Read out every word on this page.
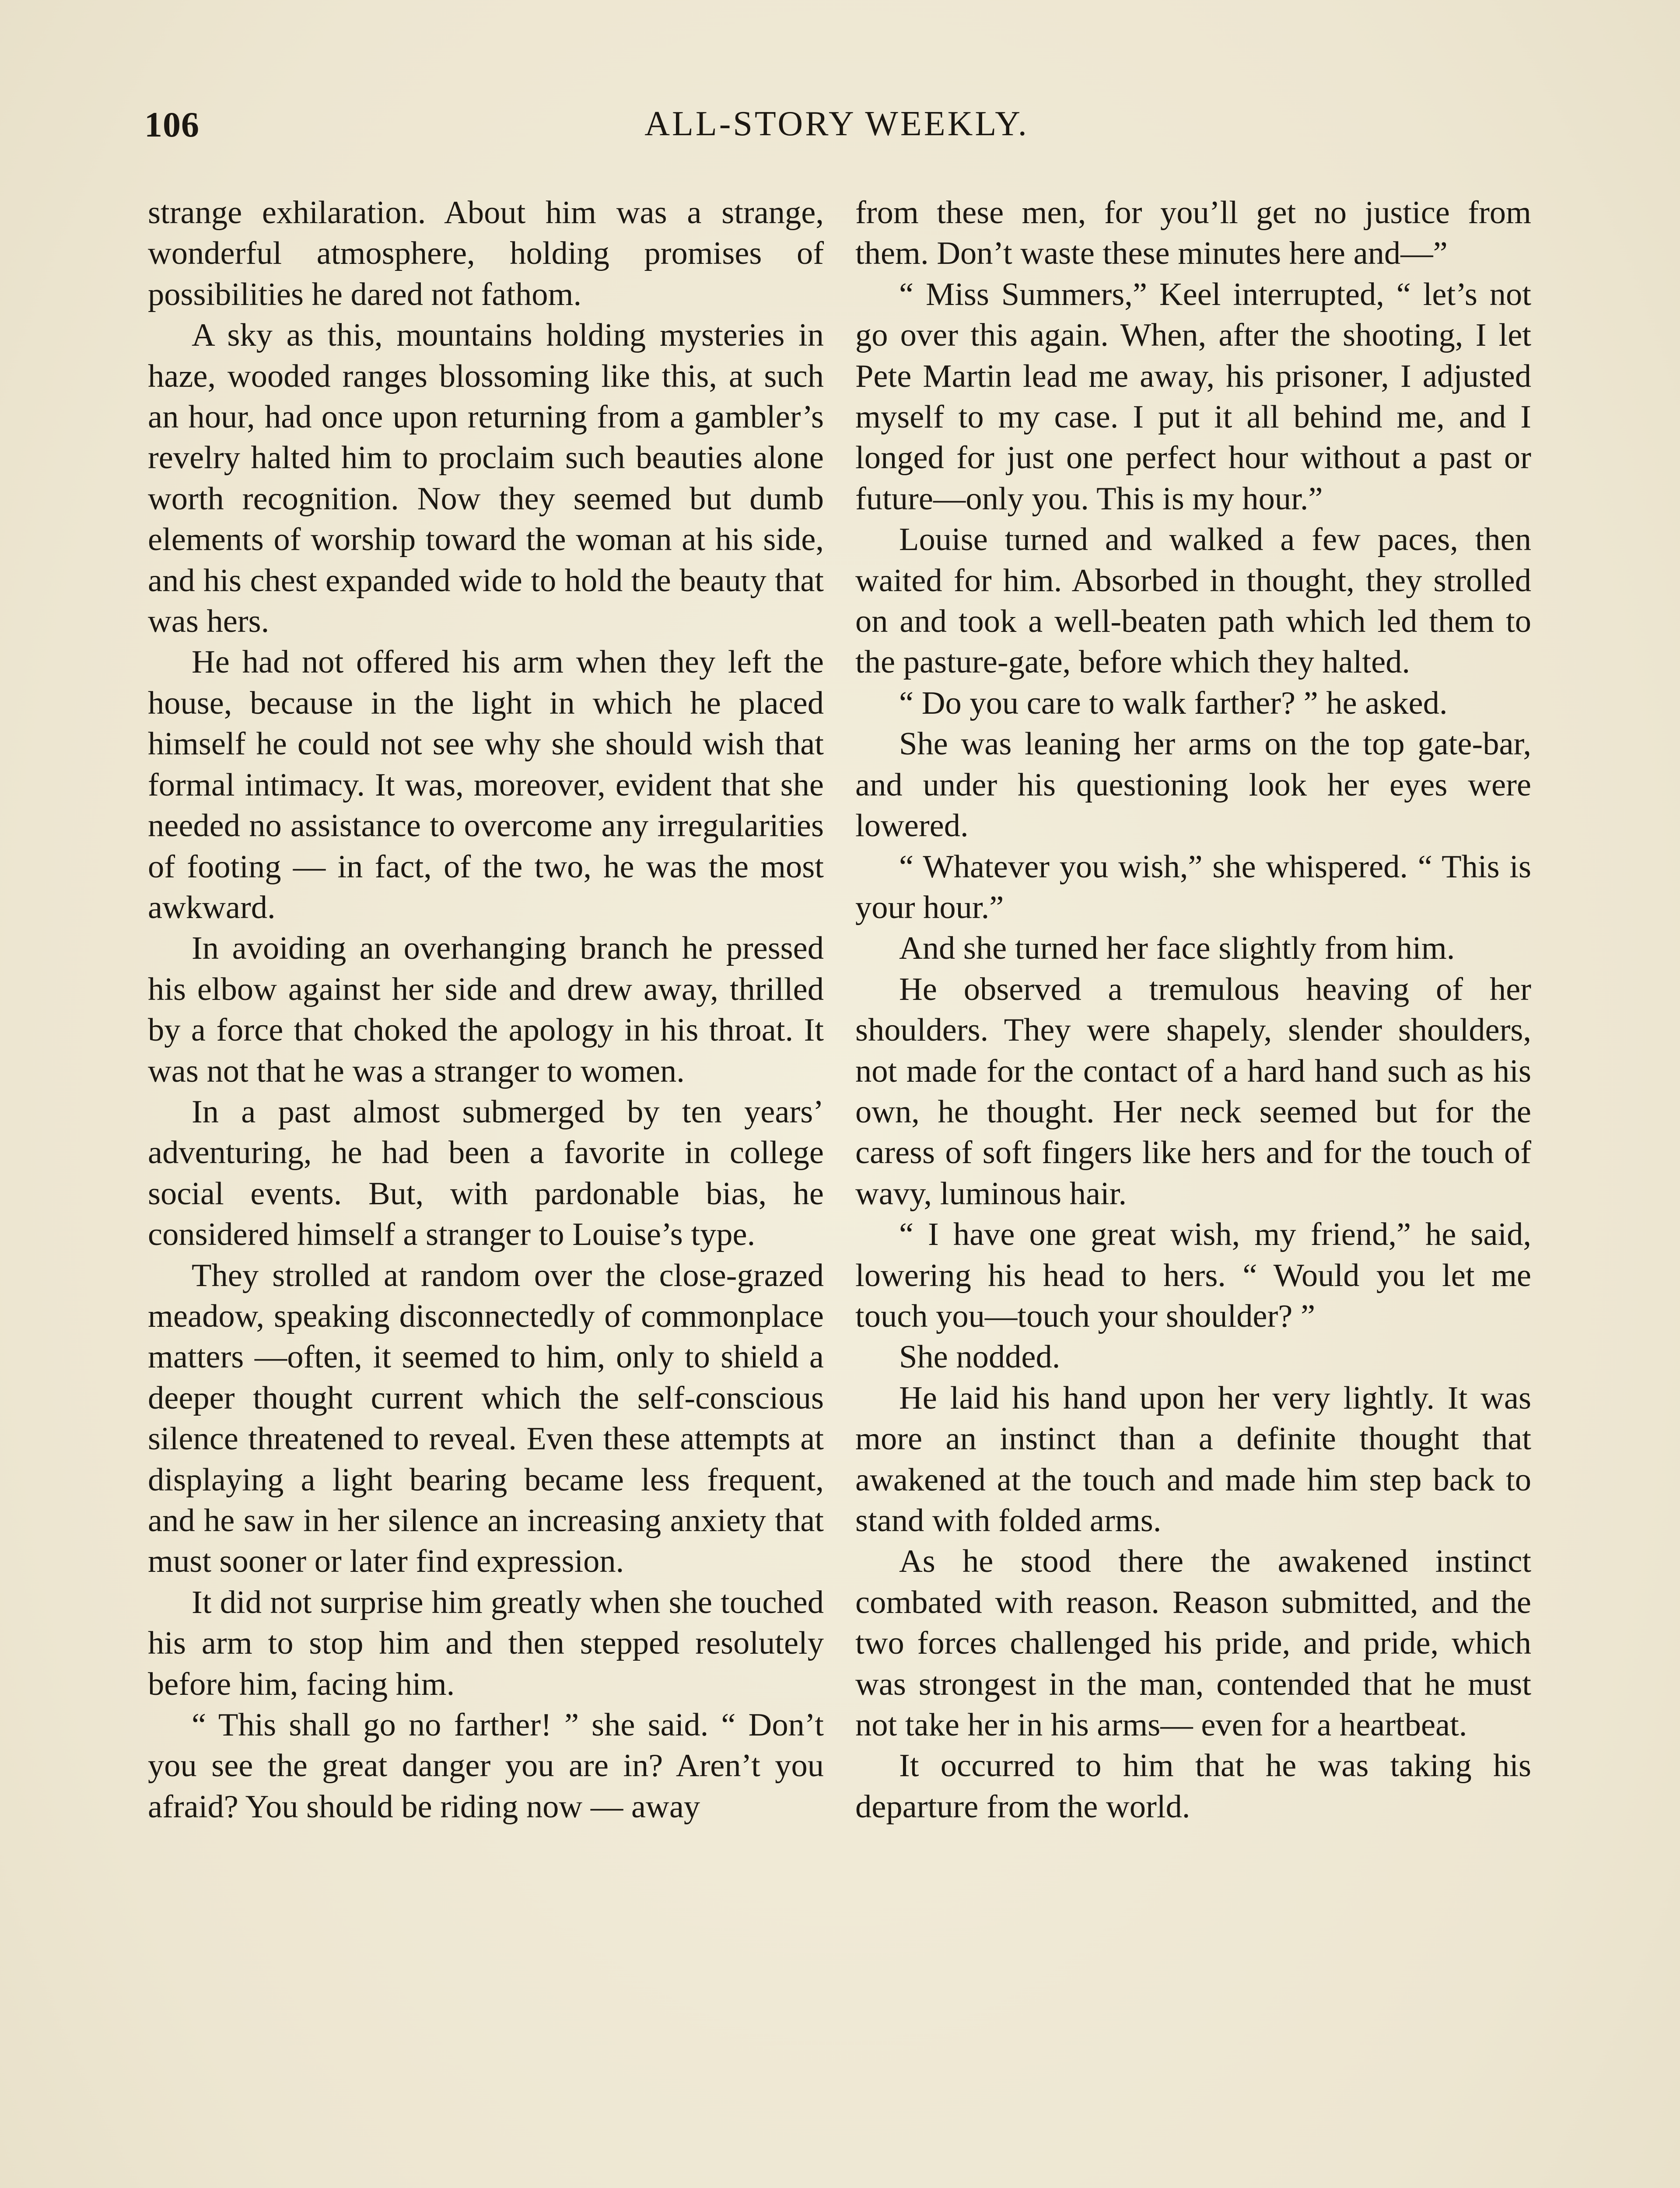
106	ALL-STORY WEEKLY.

strange exhilaration. About him was a strange, wonderful atmosphere, holding promises of possibilities he dared not fathom.

A sky as this, mountains holding mysteries in haze, wooded ranges blossoming like this, at such an hour, had once upon returning from a gambler’s revelry halted him to proclaim such beauties alone worth recognition. Now they seemed but dumb elements of worship toward the woman at his side, and his chest expanded wide to hold the beauty that was hers.

He had not offered his arm when they left the house, because in the light in which he placed himself he could not see why she should wish that formal intimacy. It was, moreover, evident that she needed no assistance to overcome any irregularities of footing — in fact, of the two, he was the most awkward.

In avoiding an overhanging branch he pressed his elbow against her side and drew away, thrilled by a force that choked the apology in his throat. It was not that he was a stranger to women.

In a past almost submerged by ten years’ adventuring, he had been a favorite in college social events. But, with pardonable bias, he considered himself a stranger to Louise’s type.

They strolled at random over the close-grazed meadow, speaking disconnectedly of commonplace matters —often, it seemed to him, only to shield a deeper thought current which the self-conscious silence threatened to reveal. Even these attempts at displaying a light bearing became less frequent, and he saw in her silence an increasing anxiety that must sooner or later find expression.

It did not surprise him greatly when she touched his arm to stop him and then stepped resolutely before him, facing him.

“ This shall go no farther! ” she said. “ Don’t you see the great danger you are in? Aren’t you afraid? You should be riding now — away

from these men, for you’ll get no justice from them. Don’t waste these minutes here and—”

“ Miss Summers,” Keel interrupted, “ let’s not go over this again. When, after the shooting, I let Pete Martin lead me away, his prisoner, I adjusted myself to my case. I put it all behind me, and I longed for just one perfect hour without a past or future—only you. This is my hour.”

Louise turned and walked a few paces, then waited for him. Absorbed in thought, they strolled on and took a well-beaten path which led them to the pasture-gate, before which they halted.

“ Do you care to walk farther? ” he asked.

She was leaning her arms on the top gate-bar, and under his questioning look her eyes were lowered.

“ Whatever you wish,” she whispered. “ This is your hour.”

And she turned her face slightly from him.

He observed a tremulous heaving of her shoulders. They were shapely, slender shoulders, not made for the contact of a hard hand such as his own, he thought. Her neck seemed but for the caress of soft fingers like hers and for the touch of wavy, luminous hair.

“ I have one great wish, my friend,” he said, lowering his head to hers. “ Would you let me touch you—touch your shoulder? ”

She nodded.

He laid his hand upon her very lightly. It was more an instinct than a definite thought that awakened at the touch and made him step back to stand with folded arms.

As he stood there the awakened instinct combated with reason. Reason submitted, and the two forces challenged his pride, and pride, which was strongest in the man, contended that he must not take her in his arms— even for a heartbeat.

It occurred to him that he was taking his departure from the world.
